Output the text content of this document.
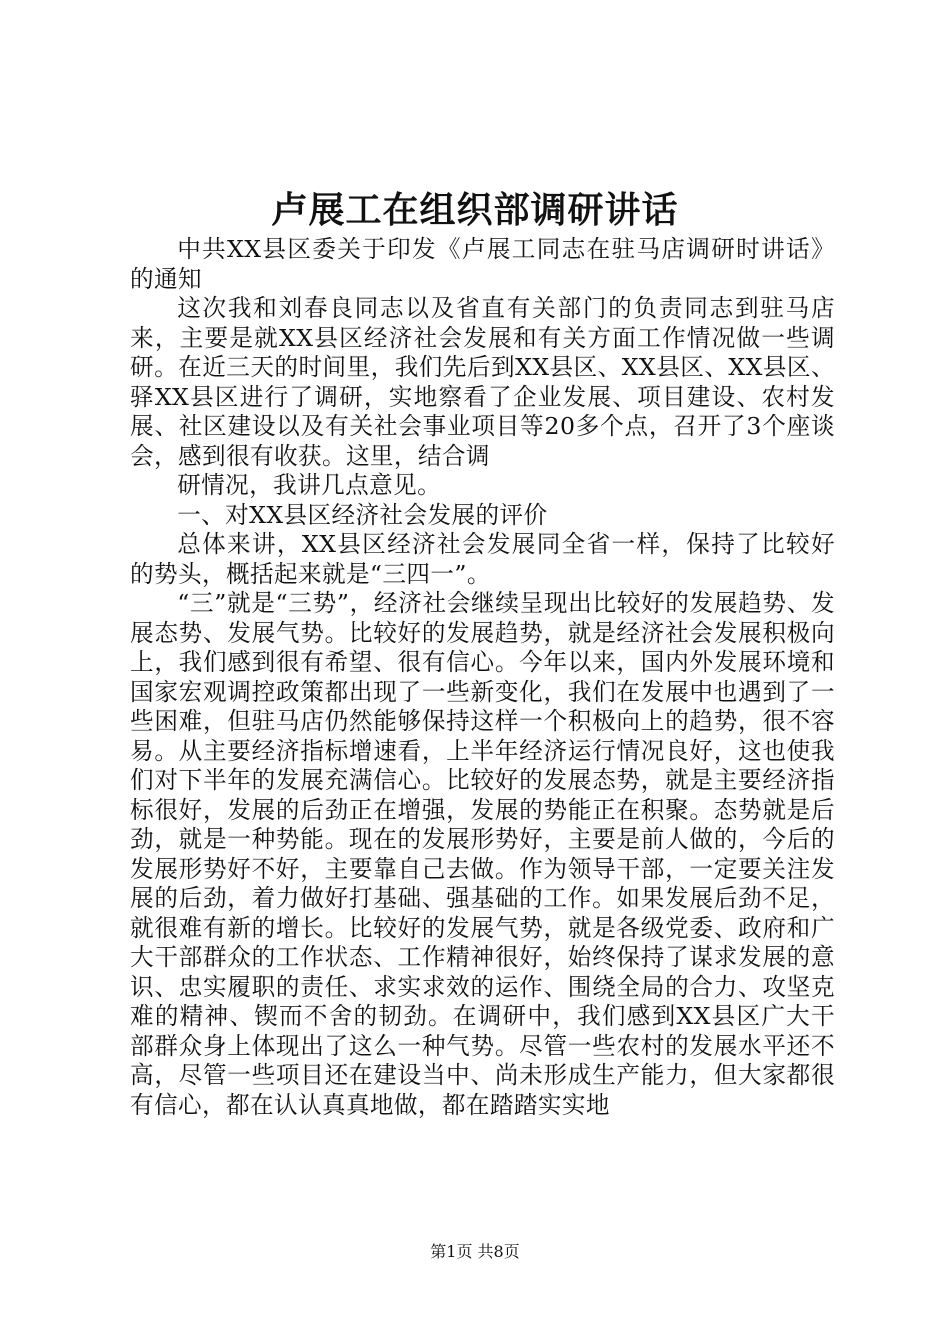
卢展工在组织部调研讲话

中共XX县区委关于印发《卢展工同志在驻马店调研时讲话》的通知

这次我和刘春良同志以及省直有关部门的负责同志到驻马店来，主要是就XX县区经济社会发展和有关方面工作情况做一些调研。在近三天的时间里，我们先后到XX县区、XX县区、XX县区、驿XX县区进行了调研，实地察看了企业发展、项目建设、农村发展、社区建设以及有关社会事业项目等20多个点，召开了3个座谈会，感到很有收获。这里，结合调

研情况，我讲几点意见。

一、对XX县区经济社会发展的评价

总体来讲，XX县区经济社会发展同全省一样，保持了比较好的势头，概括起来就是“三四一”。

“三”就是“三势”，经济社会继续呈现出比较好的发展趋势、发展态势、发展气势。比较好的发展趋势，就是经济社会发展积极向上，我们感到很有希望、很有信心。今年以来，国内外发展环境和国家宏观调控政策都出现了一些新变化，我们在发展中也遇到了一些困难，但驻马店仍然能够保持这样一个积极向上的趋势，很不容易。从主要经济指标增速看，上半年经济运行情况良好，这也使我们对下半年的发展充满信心。比较好的发展态势，就是主要经济指标很好，发展的后劲正在增强，发展的势能正在积聚。态势就是后劲，就是一种势能。现在的发展形势好，主要是前人做的，今后的发展形势好不好，主要靠自己去做。作为领导干部，一定要关注发展的后劲，着力做好打基础、强基础的工作。如果发展后劲不足，就很难有新的增长。比较好的发展气势，就是各级党委、政府和广大干部群众的工作状态、工作精神很好，始终保持了谋求发展的意识、忠实履职的责任、求实求效的运作、围绕全局的合力、攻坚克难的精神、锲而不舍的韧劲。在调研中，我们感到XX县区广大干部群众身上体现出了这么一种气势。尽管一些农村的发展水平还不高，尽管一些项目还在建设当中、尚未形成生产能力，但大家都很有信心，都在认认真真地做，都在踏踏实实地

第1页 共8页
